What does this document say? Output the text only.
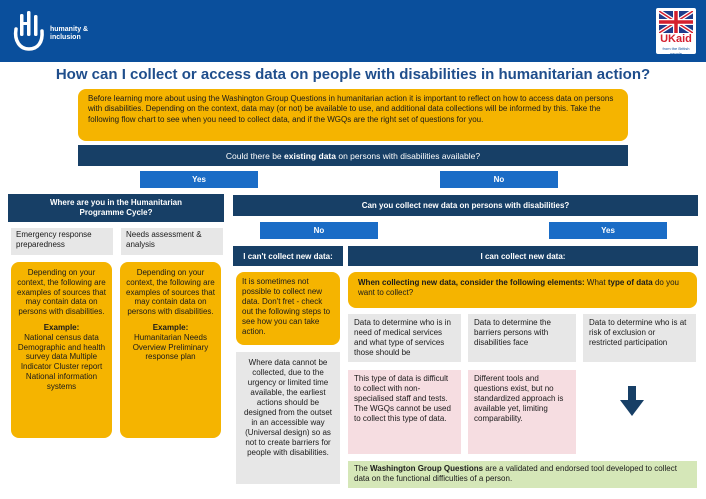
humanity & inclusion	UKaid
from the British people
How can I collect or access data on people with disabilities in humanitarian action?
Before learning more about using the Washington Group Questions in humanitarian action it is important to reflect on how to access data on persons with disabilities. Depending on the context, data may (or not) be available to use, and additional data collections will be informed by this. Take the following flow chart to see when you need to collect data, and if the WGQs are the right set of questions for you.
Could there be existing data on persons with disabilities available?
Yes	No
Where are you in the Humanitarian Programme Cycle?
Emergency response preparedness
Needs assessment & analysis
Depending on your context, the following are examples of sources that may contain data on persons with disabilities.
Example:
National census data Demographic and health survey data Multiple Indicator Cluster report National information systems
Depending on your context, the following are examples of sources that may contain data on persons with disabilities.
Example:
Humanitarian Needs Overview Preliminary response plan
Can you collect new data on persons with disabilities?
No	Yes
I can't collect new data:	I can collect new data:
It is sometimes not possible to collect new data. Don't fret - check out the following steps to see how you can take action.
Where data cannot be collected, due to the urgency or limited time available, the earliest actions should be designed from the outset in an accessible way (Universal design) so as not to create barriers for people with disabilities.
When collecting new data, consider the following elements: What type of data do you want to collect?
Data to determine who is in need of medical services and what type of services those should be
Data to determine the barriers persons with disabilities face
Data to determine who is at risk of exclusion or restricted participation
This type of data is difficult to collect with non-specialised staff and tests. The WGQs cannot be used to collect this type of data.
Different tools and questions exist, but no standardized approach is available yet, limiting comparability.
The Washington Group Questions are a validated and endorsed tool developed to collect data on the functional difficulties of a person.
